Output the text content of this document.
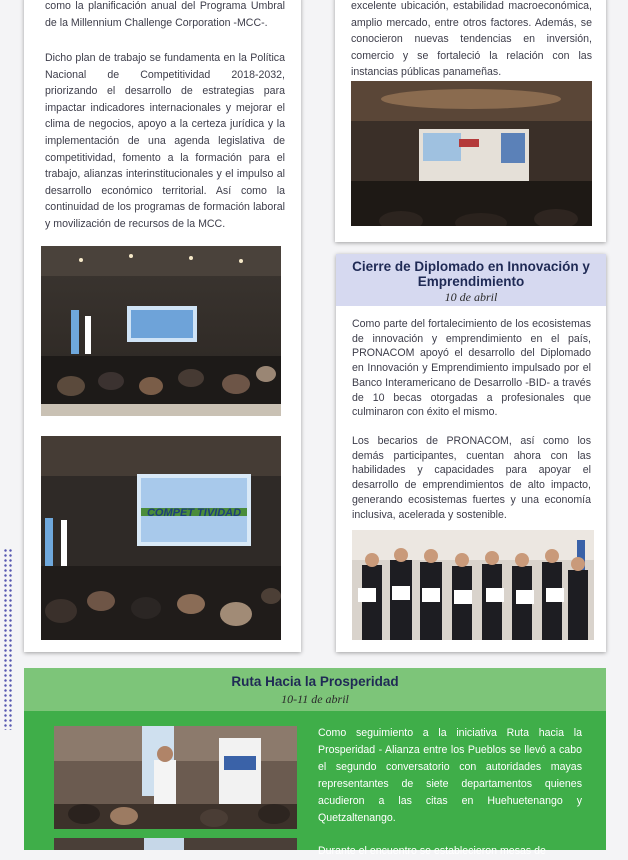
como la planificación anual del Programa Umbral de la Millennium Challenge Corporation -MCC-.
Dicho plan de trabajo se fundamenta en la Política Nacional de Competitividad 2018-2032, priorizando el desarrollo de estrategias para impactar indicadores internacionales y mejorar el clima de negocios, apoyo a la certeza jurídica y la implementación de una agenda legislativa de competitividad, fomento a la formación para el trabajo, alianzas interinstitucionales y el impulso al desarrollo económico territorial. Así como la continuidad de los programas de formación laboral y movilización de recursos de la MCC.
COMPET TIVIDAD
excelente ubicación, estabilidad macroeconómica, amplio mercado, entre otros factores. Además, se conocieron nuevas tendencias en inversión, comercio y se fortaleció la relación con las instancias públicas panameñas.
Cierre de Diplomado en Innovación y Emprendimiento
10 de abril
Como parte del fortalecimiento de los ecosistemas de innovación y emprendimiento en el país, PRONACOM apoyó el desarrollo del Diplomado en Innovación y Emprendimiento impulsado por el Banco Interamericano de Desarrollo -BID- a través de 10 becas otorgadas a profesionales que culminaron con éxito el mismo.
Los becarios de PRONACOM, así como los demás participantes, cuentan ahora con las habilidades y capacidades para apoyar el desarrollo de emprendimientos de alto impacto, generando ecosistemas fuertes y una economía inclusiva, acelerada y sostenible.
Ruta Hacia la Prosperidad
10-11 de abril
Como seguimiento a la iniciativa Ruta hacia la Prosperidad - Alianza entre los Pueblos se llevó a cabo el segundo conversatorio con autoridades mayas representantes de siete departamentos quienes acudieron a las citas en Huehuetenango y Quetzaltenango.
Durante el encuentro se establecieron mesas de
